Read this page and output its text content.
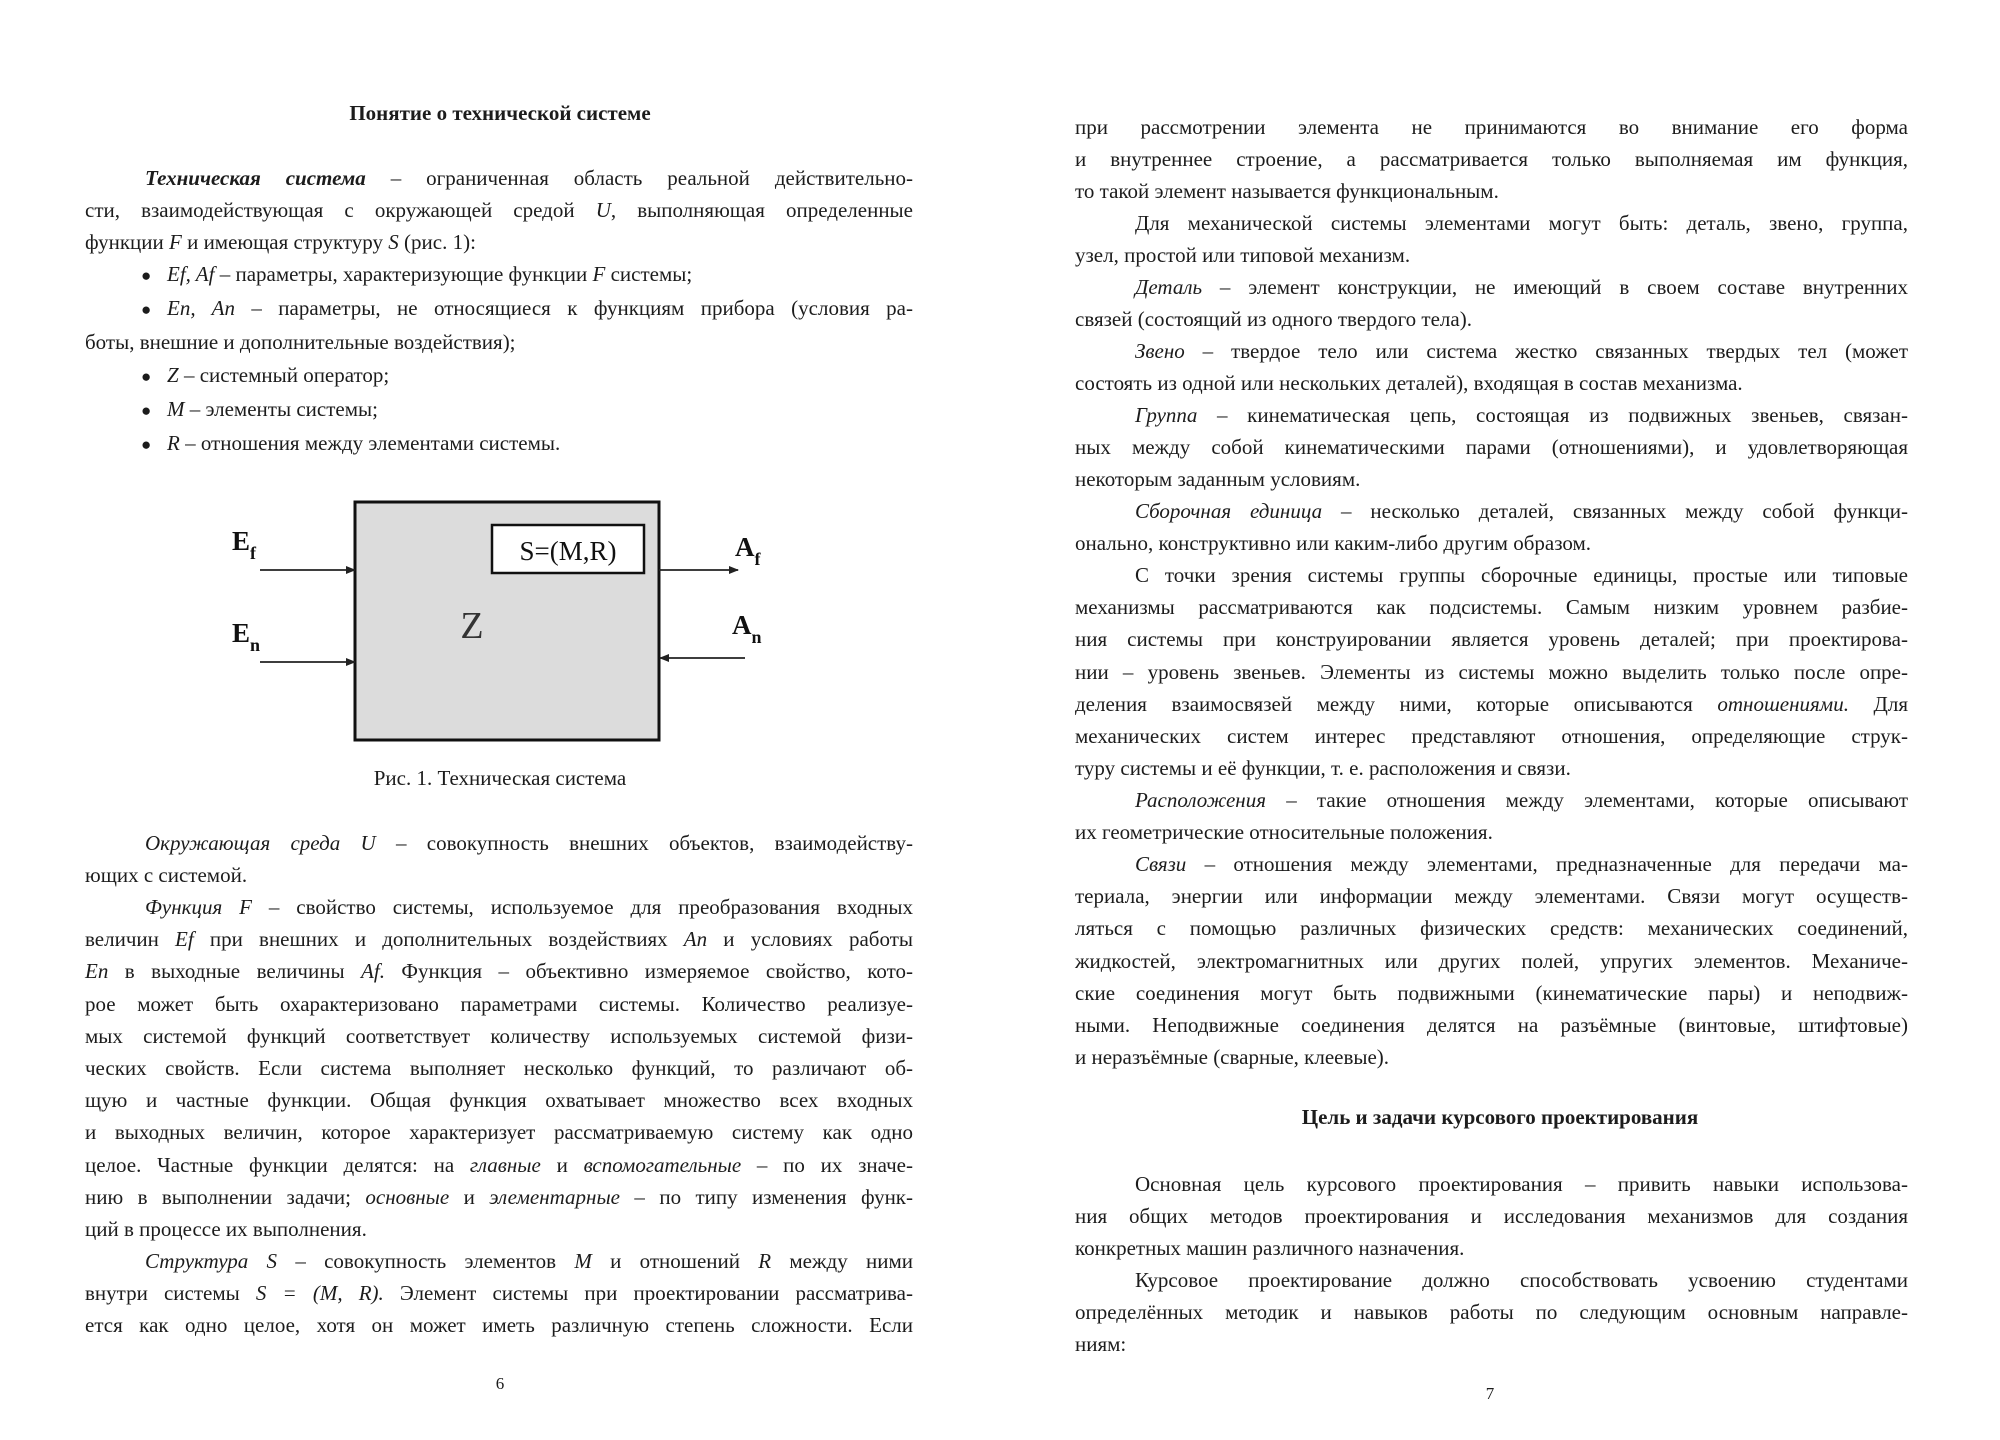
Понятие о технической системе

Техническая система – ограниченная область реальной действительно-

сти, взаимодействующая с окружающей средой U, выполняющая определенные

функции F и имеющая структуру S (рис. 1):

● Ef, Af – параметры, характеризующие функции F системы;

● En, An – параметры, не относящиеся к функциям прибора (условия ра-

боты, внешние и дополнительные воздействия);

● Z – системный оператор;

● M – элементы системы;

● R – отношения между элементами системы.

S=(M,R)
Z
$E_f$
$E_n$
$A_f$
$A_n$
Рис. 1. Техническая система

Окружающая среда U – совокупность внешних объектов, взаимодейству-

ющих с системой.

Функция F – свойство системы, используемое для преобразования входных

величин Ef при внешних и дополнительных воздействиях An и условиях работы

En в выходные величины Af. Функция – объективно измеряемое свойство, кото-

рое может быть охарактеризовано параметрами системы. Количество реализуе-

мых системой функций соответствует количеству используемых системой физи-

ческих свойств. Если система выполняет несколько функций, то различают об-

щую и частные функции. Общая функция охватывает множество всех входных

и выходных величин, которое характеризует рассматриваемую систему как одно

целое. Частные функции делятся: на главные и вспомогательные – по их значе-

нию в выполнении задачи; основные и элементарные – по типу изменения функ-

ций в процессе их выполнения.

Структура S – совокупность элементов M и отношений R между ними

внутри системы S = (M, R). Элемент системы при проектировании рассматрива-

ется как одно целое, хотя он может иметь различную степень сложности. Если

6

при рассмотрении элемента не принимаются во внимание его форма

и внутреннее строение, а рассматривается только выполняемая им функция,

то такой элемент называется функциональным.

Для механической системы элементами могут быть: деталь, звено, группа,

узел, простой или типовой механизм.

Деталь – элемент конструкции, не имеющий в своем составе внутренних

связей (состоящий из одного твердого тела).

Звено – твердое тело или система жестко связанных твердых тел (может

состоять из одной или нескольких деталей), входящая в состав механизма.

Группа – кинематическая цепь, состоящая из подвижных звеньев, связан-

ных между собой кинематическими парами (отношениями), и удовлетворяющая

некоторым заданным условиям.

Сборочная единица – несколько деталей, связанных между собой функци-

онально, конструктивно или каким-либо другим образом.

С точки зрения системы группы сборочные единицы, простые или типовые

механизмы рассматриваются как подсистемы. Самым низким уровнем разбие-

ния системы при конструировании является уровень деталей; при проектирова-

нии – уровень звеньев. Элементы из системы можно выделить только после опре-

деления взаимосвязей между ними, которые описываются отношениями. Для

механических систем интерес представляют отношения, определяющие струк-

туру системы и её функции, т. е. расположения и связи.

Расположения – такие отношения между элементами, которые описывают

их геометрические относительные положения.

Связи – отношения между элементами, предназначенные для передачи ма-

териала, энергии или информации между элементами. Связи могут осуществ-

ляться с помощью различных физических средств: механических соединений,

жидкостей, электромагнитных или других полей, упругих элементов. Механиче-

ские соединения могут быть подвижными (кинематические пары) и неподвиж-

ными. Неподвижные соединения делятся на разъёмные (винтовые, штифтовые)

и неразъёмные (сварные, клеевые).

Цель и задачи курсового проектирования

Основная цель курсового проектирования – привить навыки использова-

ния общих методов проектирования и исследования механизмов для создания

конкретных машин различного назначения.

Курсовое проектирование должно способствовать усвоению студентами

определённых методик и навыков работы по следующим основным направле-

ниям:

7
